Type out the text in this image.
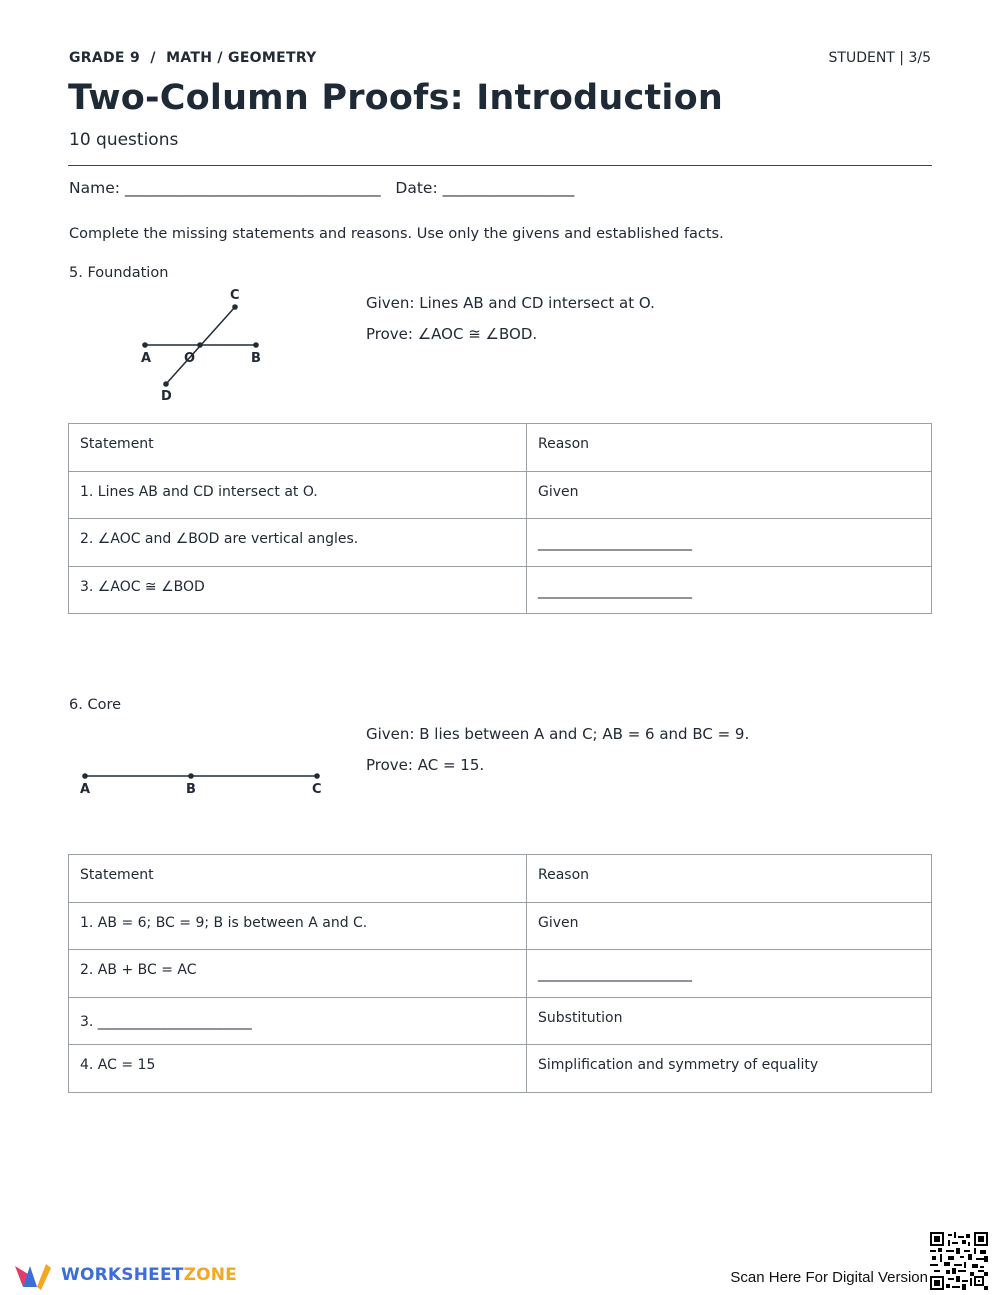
GRADE 9  /  MATH / GEOMETRY	STUDENT | 3/5
Two-Column Proofs: Introduction
10 questions
Name: _________________________________   Date: _________________
Complete the missing statements and reasons. Use only the givens and established facts.
5. Foundation
A	O	B
C
D
Given: Lines AB and CD intersect at O.
Prove: ∠AOC ≅ ∠BOD.
Statement	Reason
1. Lines AB and CD intersect at O.	Given
2. ∠AOC and ∠BOD are vertical angles.	______________________
3. ∠AOC ≅ ∠BOD	______________________
6. Core
A	B	C
Given: B lies between A and C; AB = 6 and BC = 9.
Prove: AC = 15.
Statement	Reason
1. AB = 6; BC = 9; B is between A and C.	Given
2. AB + BC = AC	______________________
3. ______________________	Substitution
4. AC = 15	Simplification and symmetry of equality
WORKSHEETZONE	Scan Here For Digital Version
